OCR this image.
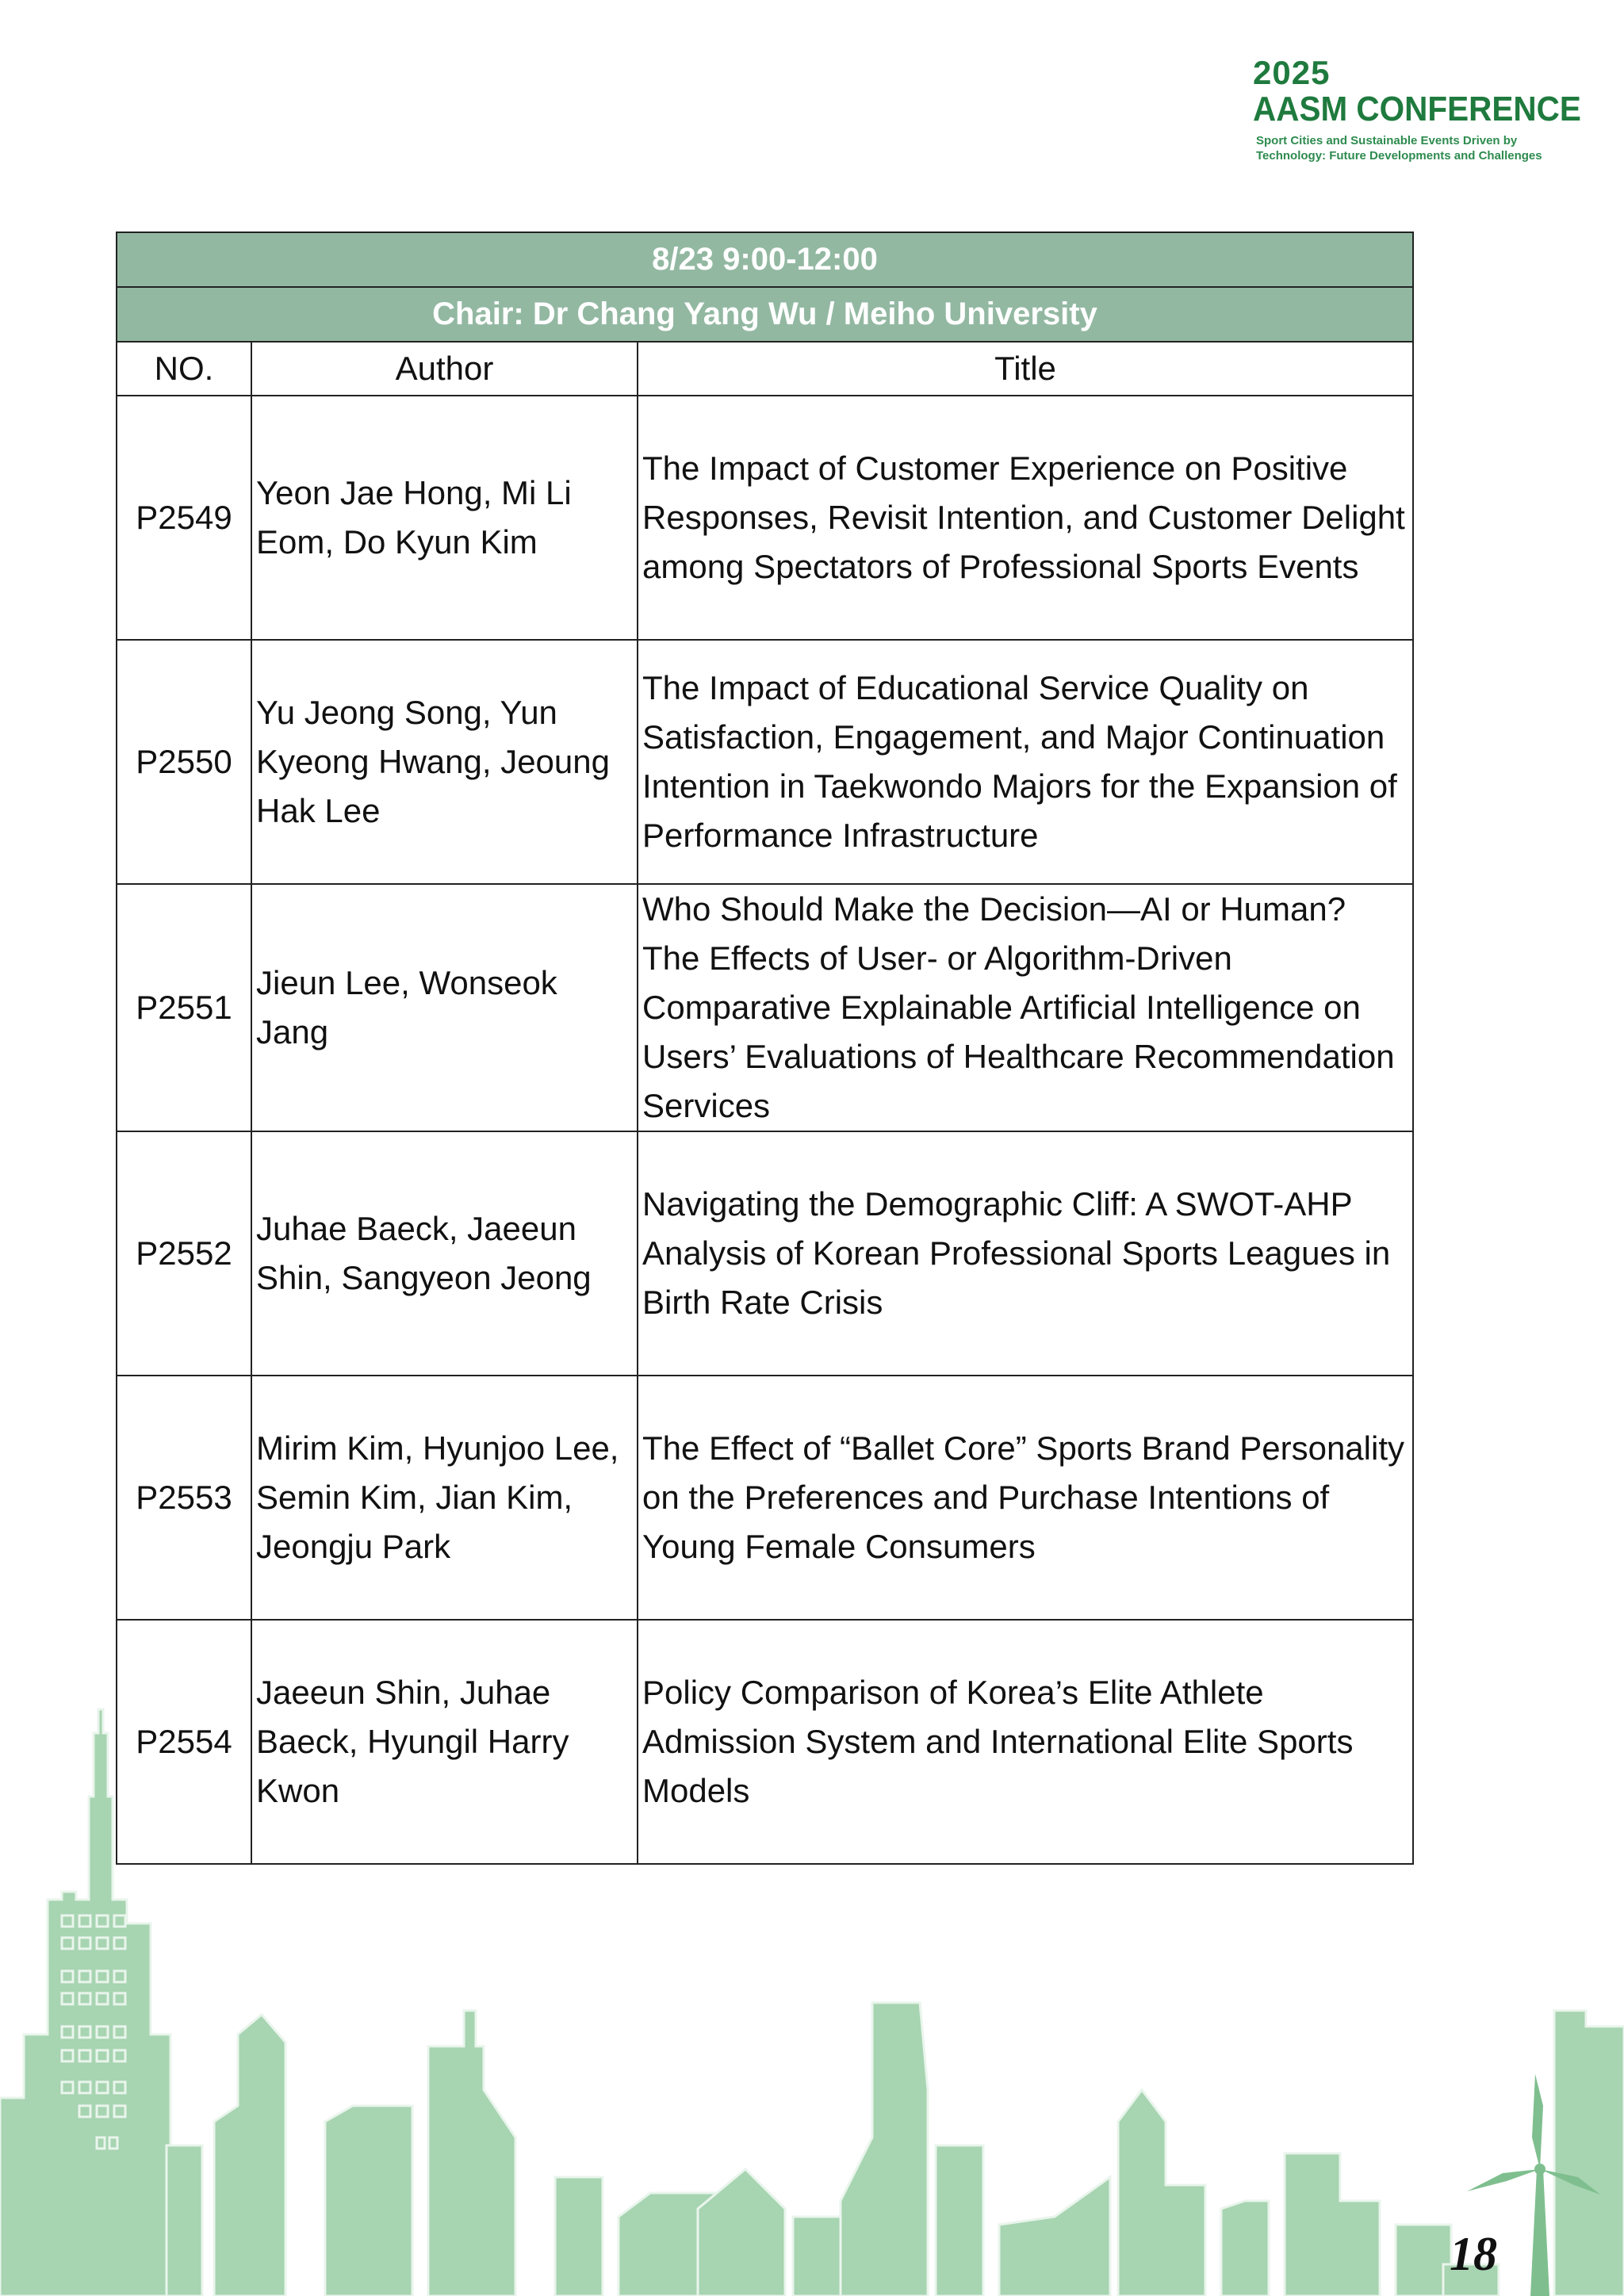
2025
AASM CONFERENCE
Sport Cities and Sustainable Events Driven by
Technology: Future Developments and Challenges
8/23 9:00-12:00		
Chair: Dr Chang Yang Wu / Meiho University		
NO.	Author	Title
P2549	Yeon Jae Hong, Mi Li Eom, Do Kyun Kim	The Impact of Customer Experience on Positive Responses, Revisit Intention, and Customer Delight among Spectators of Professional Sports Events
P2550	Yu Jeong Song, Yun Kyeong Hwang, Jeoung Hak Lee	The Impact of Educational Service Quality on Satisfaction, Engagement, and Major Continuation Intention in Taekwondo Majors for the Expansion of Performance Infrastructure
P2551	Jieun Lee, Wonseok Jang	Who Should Make the Decision—AI or Human? The Effects of User- or Algorithm-Driven Comparative Explainable Artificial Intelligence on Users’ Evaluations of Healthcare Recommendation Services
P2552	Juhae Baeck, Jaeeun Shin, Sangyeon Jeong	Navigating the Demographic Cliff: A SWOT-AHP Analysis of Korean Professional Sports Leagues in Birth Rate Crisis
P2553	Mirim Kim, Hyunjoo Lee, Semin Kim, Jian Kim, Jeongju Park	The Effect of “Ballet Core” Sports Brand Personality on the Preferences and Purchase Intentions of Young Female Consumers
P2554	Jaeeun Shin, Juhae Baeck, Hyungil Harry Kwon	Policy Comparison of Korea’s Elite Athlete Admission System and International Elite Sports Models
18
